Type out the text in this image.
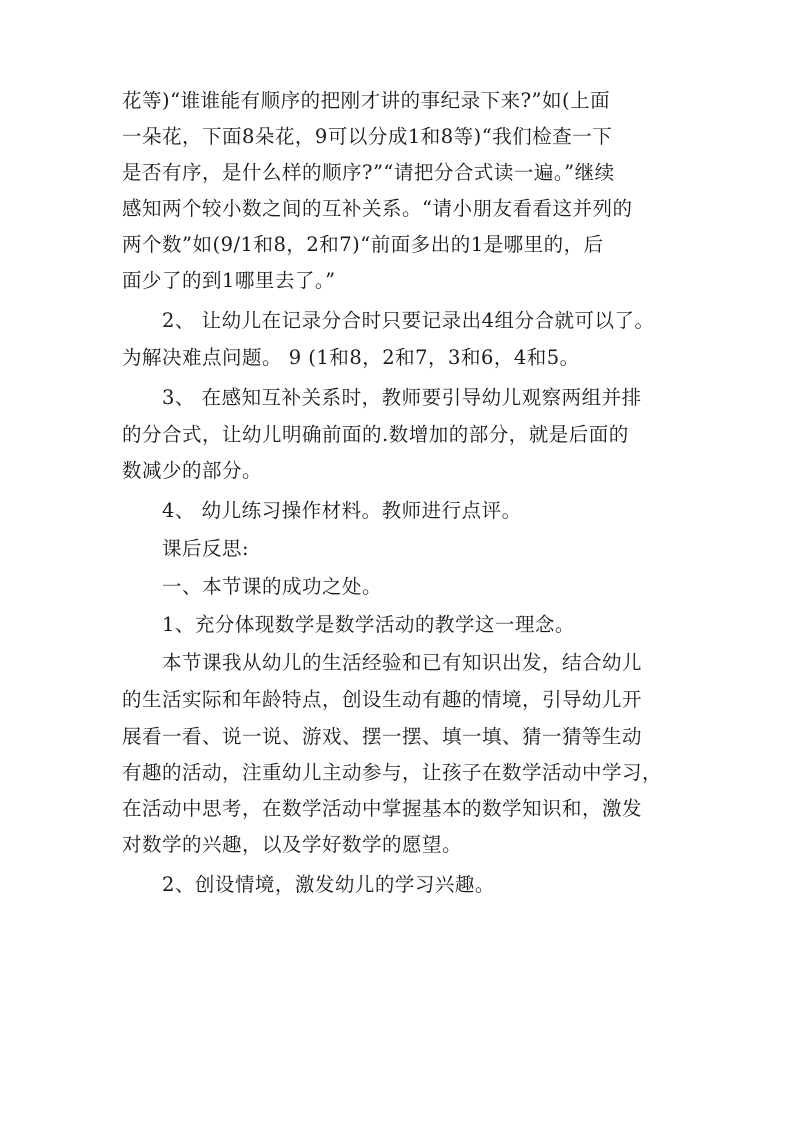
花等)“谁谁能有顺序的把刚才讲的事纪录下来?”如(上面
一朵花，下面8朵花，9可以分成1和8等)“我们检查一下
是否有序，是什么样的顺序?”“请把分合式读一遍。”继续
感知两个较小数之间的互补关系。“请小朋友看看这并列的
两个数”如(9/1和8，2和7)“前面多出的1是哪里的，后
面少了的到1哪里去了。”
2、 让幼儿在记录分合时只要记录出4组分合就可以了。
为解决难点问题。 9 (1和8，2和7，3和6，4和5。
3、 在感知互补关系时，教师要引导幼儿观察两组并排
的分合式，让幼儿明确前面的.数增加的部分，就是后面的
数减少的部分。
4、 幼儿练习操作材料。教师进行点评。
课后反思:
一、本节课的成功之处。
1、充分体现数学是数学活动的教学这一理念。
本节课我从幼儿的生活经验和已有知识出发，结合幼儿
的生活实际和年龄特点，创设生动有趣的情境，引导幼儿开
展看一看、说一说、游戏、摆一摆、填一填、猜一猜等生动
有趣的活动，注重幼儿主动参与，让孩子在数学活动中学习，
在活动中思考，在数学活动中掌握基本的数学知识和，激发
对数学的兴趣，以及学好数学的愿望。
2、创设情境，激发幼儿的学习兴趣。
